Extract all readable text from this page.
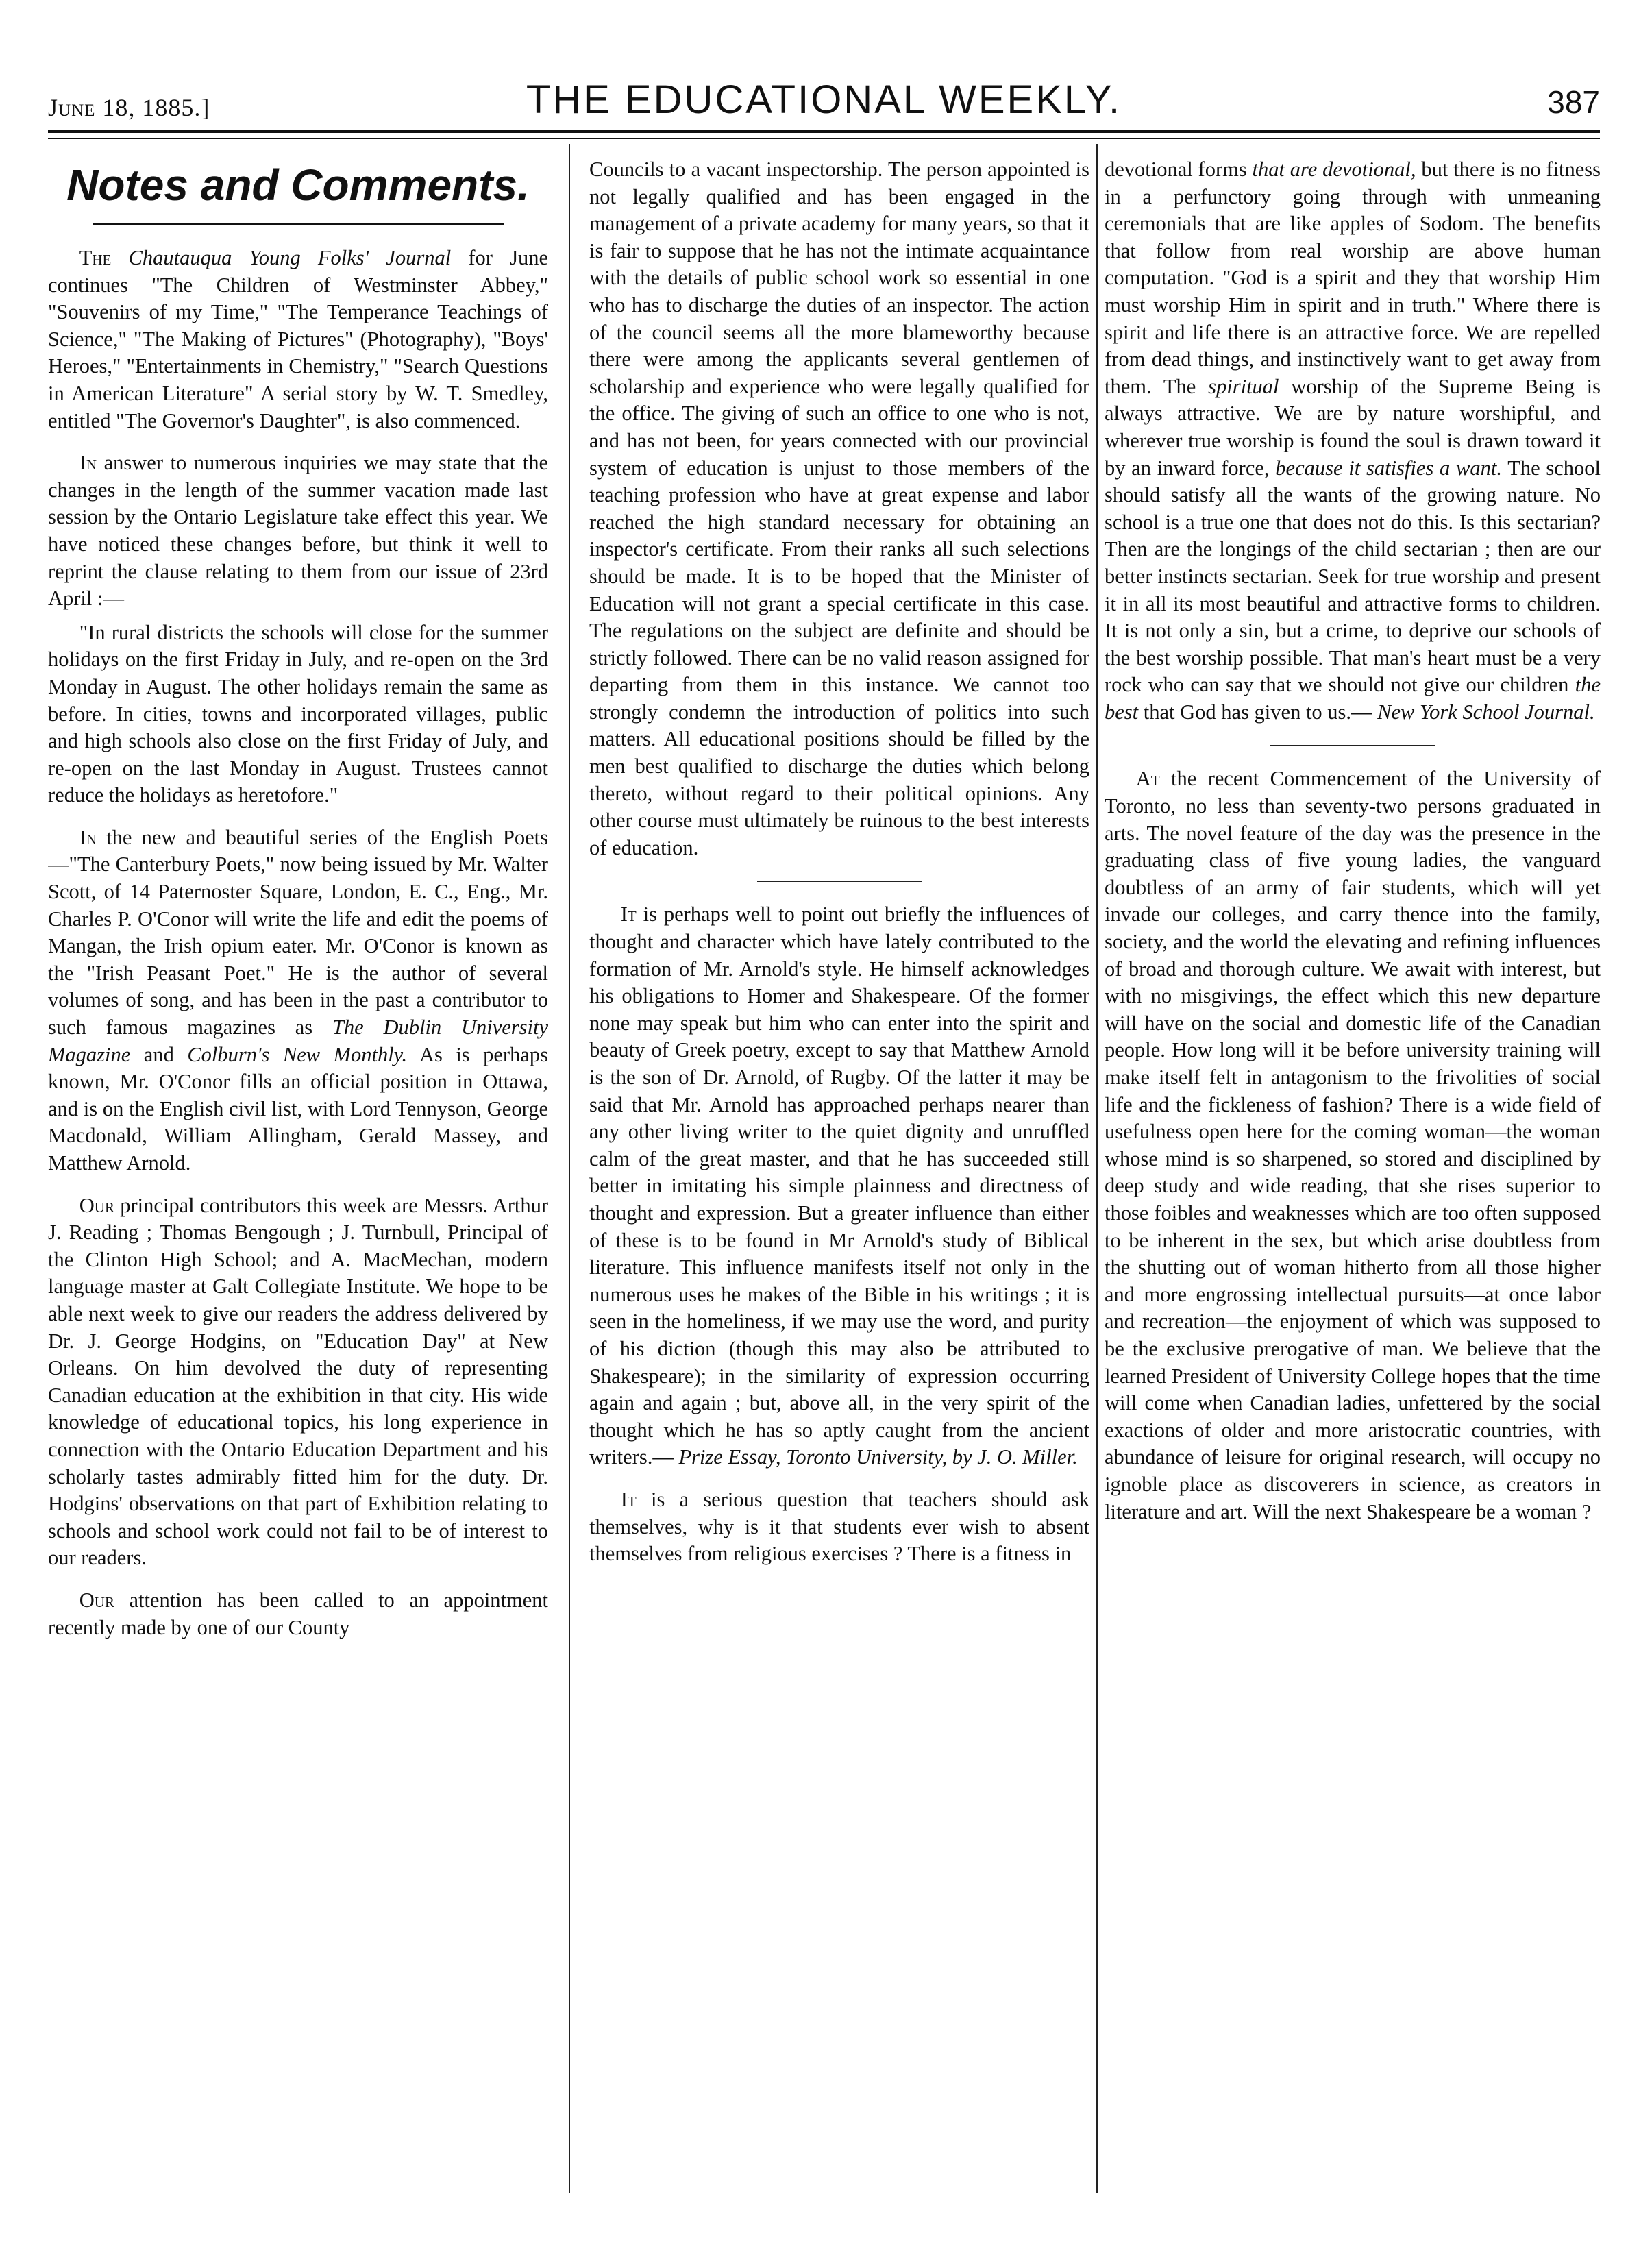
June 18, 1885.]	THE EDUCATIONAL WEEKLY.	387
Notes and Comments.

The Chautauqua Young Folks' Journal for June continues "The Children of Westminster Abbey," "Souvenirs of my Time," "The Temperance Teachings of Science," "The Making of Pictures" (Photography), "Boys' Heroes," "Entertainments in Chemistry," "Search Questions in American Literature" A serial story by W. T. Smedley, entitled "The Governor's Daughter", is also commenced.

In answer to numerous inquiries we may state that the changes in the length of the summer vacation made last session by the Ontario Legislature take effect this year. We have noticed these changes before, but think it well to reprint the clause relating to them from our issue of 23rd April :—

"In rural districts the schools will close for the summer holidays on the first Friday in July, and re-open on the 3rd Monday in August. The other holidays remain the same as before. In cities, towns and incorporated villages, public and high schools also close on the first Friday of July, and re-open on the last Monday in August. Trustees cannot reduce the holidays as heretofore."

In the new and beautiful series of the English Poets—"The Canterbury Poets," now being issued by Mr. Walter Scott, of 14 Paternoster Square, London, E. C., Eng., Mr. Charles P. O'Conor will write the life and edit the poems of Mangan, the Irish opium eater. Mr. O'Conor is known as the "Irish Peasant Poet." He is the author of several volumes of song, and has been in the past a contributor to such famous magazines as The Dublin University Magazine and Colburn's New Monthly. As is perhaps known, Mr. O'Conor fills an official position in Ottawa, and is on the English civil list, with Lord Tennyson, George Macdonald, William Allingham, Gerald Massey, and Matthew Arnold.

Our principal contributors this week are Messrs. Arthur J. Reading ; Thomas Bengough ; J. Turnbull, Principal of the Clinton High School; and A. MacMechan, modern language master at Galt Collegiate Institute. We hope to be able next week to give our readers the address delivered by Dr. J. George Hodgins, on "Education Day" at New Orleans. On him devolved the duty of representing Canadian education at the exhibition in that city. His wide knowledge of educational topics, his long experience in connection with the Ontario Education Department and his scholarly tastes admirably fitted him for the duty. Dr. Hodgins' observations on that part of Exhibition relating to schools and school work could not fail to be of interest to our readers.

Our attention has been called to an appointment recently made by one of our County

Councils to a vacant inspectorship. The person appointed is not legally qualified and has been engaged in the management of a private academy for many years, so that it is fair to suppose that he has not the intimate acquaintance with the details of public school work so essential in one who has to discharge the duties of an inspector. The action of the council seems all the more blameworthy because there were among the applicants several gentlemen of scholarship and experience who were legally qualified for the office. The giving of such an office to one who is not, and has not been, for years connected with our provincial system of education is unjust to those members of the teaching profession who have at great expense and labor reached the high standard necessary for obtaining an inspector's certificate. From their ranks all such selections should be made. It is to be hoped that the Minister of Education will not grant a special certificate in this case. The regulations on the subject are definite and should be strictly followed. There can be no valid reason assigned for departing from them in this instance. We cannot too strongly condemn the introduction of politics into such matters. All educational positions should be filled by the men best qualified to discharge the duties which belong thereto, without regard to their political opinions. Any other course must ultimately be ruinous to the best interests of education.

It is perhaps well to point out briefly the influences of thought and character which have lately contributed to the formation of Mr. Arnold's style. He himself acknowledges his obligations to Homer and Shakespeare. Of the former none may speak but him who can enter into the spirit and beauty of Greek poetry, except to say that Matthew Arnold is the son of Dr. Arnold, of Rugby. Of the latter it may be said that Mr. Arnold has approached perhaps nearer than any other living writer to the quiet dignity and unruffled calm of the great master, and that he has succeeded still better in imitating his simple plainness and directness of thought and expression. But a greater influence than either of these is to be found in Mr Arnold's study of Biblical literature. This influence manifests itself not only in the numerous uses he makes of the Bible in his writings ; it is seen in the homeliness, if we may use the word, and purity of his diction (though this may also be attributed to Shakespeare); in the similarity of expression occurring again and again ; but, above all, in the very spirit of the thought which he has so aptly caught from the ancient writers.— Prize Essay, Toronto University, by J. O. Miller.

It is a serious question that teachers should ask themselves, why is it that students ever wish to absent themselves from religious exercises ? There is a fitness in

devotional forms that are devotional, but there is no fitness in a perfunctory going through with unmeaning ceremonials that are like apples of Sodom. The benefits that follow from real worship are above human computation. "God is a spirit and they that worship Him must worship Him in spirit and in truth." Where there is spirit and life there is an attractive force. We are repelled from dead things, and instinctively want to get away from them. The spiritual worship of the Supreme Being is always attractive. We are by nature worshipful, and wherever true worship is found the soul is drawn toward it by an inward force, because it satisfies a want. The school should satisfy all the wants of the growing nature. No school is a true one that does not do this. Is this sectarian? Then are the longings of the child sectarian ; then are our better instincts sectarian. Seek for true worship and present it in all its most beautiful and attractive forms to children. It is not only a sin, but a crime, to deprive our schools of the best worship possible. That man's heart must be a very rock who can say that we should not give our children the best that God has given to us.— New York School Journal.

At the recent Commencement of the University of Toronto, no less than seventy-two persons graduated in arts. The novel feature of the day was the presence in the graduating class of five young ladies, the vanguard doubtless of an army of fair students, which will yet invade our colleges, and carry thence into the family, society, and the world the elevating and refining influences of broad and thorough culture. We await with interest, but with no misgivings, the effect which this new departure will have on the social and domestic life of the Canadian people. How long will it be before university training will make itself felt in antagonism to the frivolities of social life and the fickleness of fashion? There is a wide field of usefulness open here for the coming woman—the woman whose mind is so sharpened, so stored and disciplined by deep study and wide reading, that she rises superior to those foibles and weaknesses which are too often supposed to be inherent in the sex, but which arise doubtless from the shutting out of woman hitherto from all those higher and more engrossing intellectual pursuits—at once labor and recreation—the enjoyment of which was supposed to be the exclusive prerogative of man. We believe that the learned President of University College hopes that the time will come when Canadian ladies, unfettered by the social exactions of older and more aristocratic countries, with abundance of leisure for original research, will occupy no ignoble place as discoverers in science, as creators in literature and art. Will the next Shakespeare be a woman ?
